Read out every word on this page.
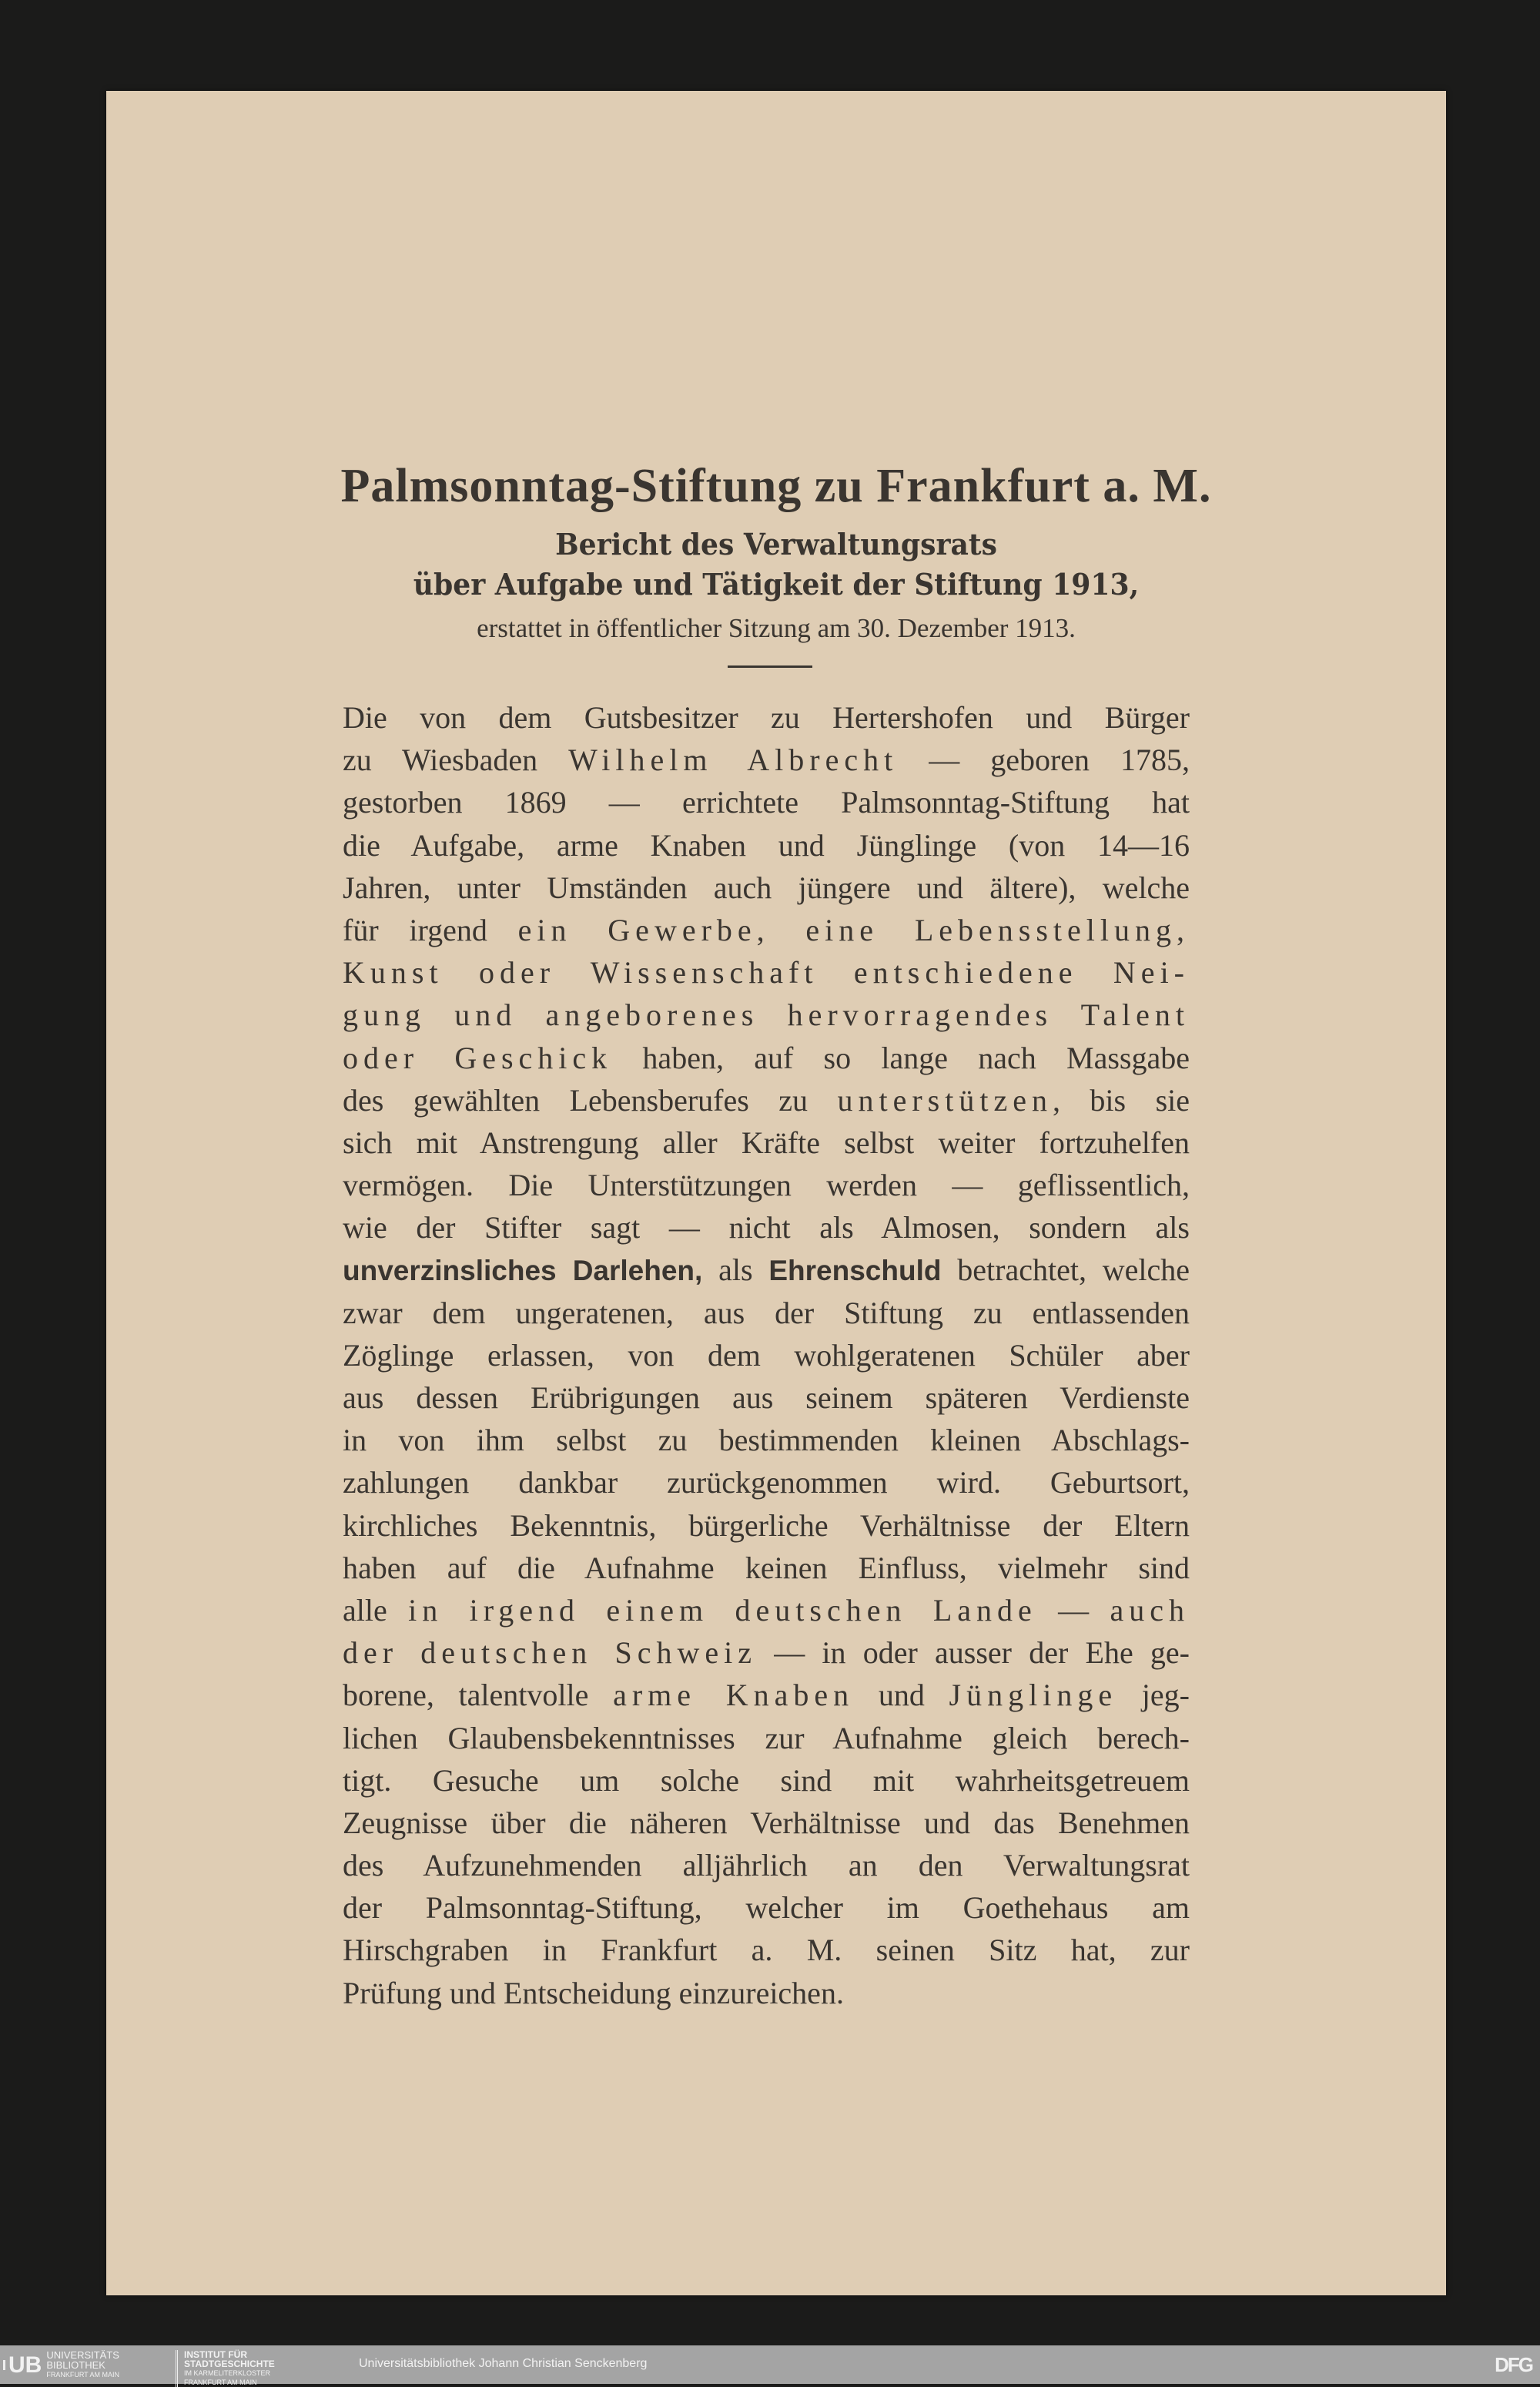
Palmsonntag-Stiftung zu Frankfurt a. M.
Bericht des Verwaltungsrats
über Aufgabe und Tätigkeit der Stiftung 1913,
erstattet in öffentlicher Sitzung am 30. Dezember 1913.
Die von dem Gutsbesitzer zu Hertershofen und Bürger
zu Wiesbaden Wilhelm Albrecht — geboren 1785,
gestorben 1869 — errichtete Palmsonntag-Stiftung hat
die Aufgabe, arme Knaben und Jünglinge (von 14—16
Jahren, unter Umständen auch jüngere und ältere), welche
für irgend ein Gewerbe, eine Lebensstellung,
Kunst oder Wissenschaft entschiedene Nei-
gung und angeborenes hervorragendes Talent
oder Geschick haben, auf so lange nach Massgabe
des gewählten Lebensberufes zu unterstützen, bis sie
sich mit Anstrengung aller Kräfte selbst weiter fortzuhelfen
vermögen. Die Unterstützungen werden — geflissentlich,
wie der Stifter sagt — nicht als Almosen, sondern als
unverzinsliches Darlehen, als Ehrenschuld betrachtet, welche
zwar dem ungeratenen, aus der Stiftung zu entlassenden
Zöglinge erlassen, von dem wohlgeratenen Schüler aber
aus dessen Erübrigungen aus seinem späteren Verdienste
in von ihm selbst zu bestimmenden kleinen Abschlags-
zahlungen dankbar zurückgenommen wird. Geburtsort,
kirchliches Bekenntnis, bürgerliche Verhältnisse der Eltern
haben auf die Aufnahme keinen Einfluss, vielmehr sind
alle in irgend einem deutschen Lande — auch
der deutschen Schweiz — in oder ausser der Ehe ge-
borene, talentvolle arme Knaben und Jünglinge jeg-
lichen Glaubensbekenntnisses zur Aufnahme gleich berech-
tigt. Gesuche um solche sind mit wahrheitsgetreuem
Zeugnisse über die näheren Verhältnisse und das Benehmen
des Aufzunehmenden alljährlich an den Verwaltungsrat
der Palmsonntag-Stiftung, welcher im Goethehaus am
Hirschgraben in Frankfurt a. M. seinen Sitz hat, zur
Prüfung und Entscheidung einzureichen.
UB UNIVERSITÄTS
BIBLIOTHEK
FRANKFURT AM MAIN
INSTITUT FÜR
STADTGESCHICHTE
IM KARMELITERKLOSTER
FRANKFURT AM MAIN
Universitätsbibliothek Johann Christian Senckenberg	DFG
